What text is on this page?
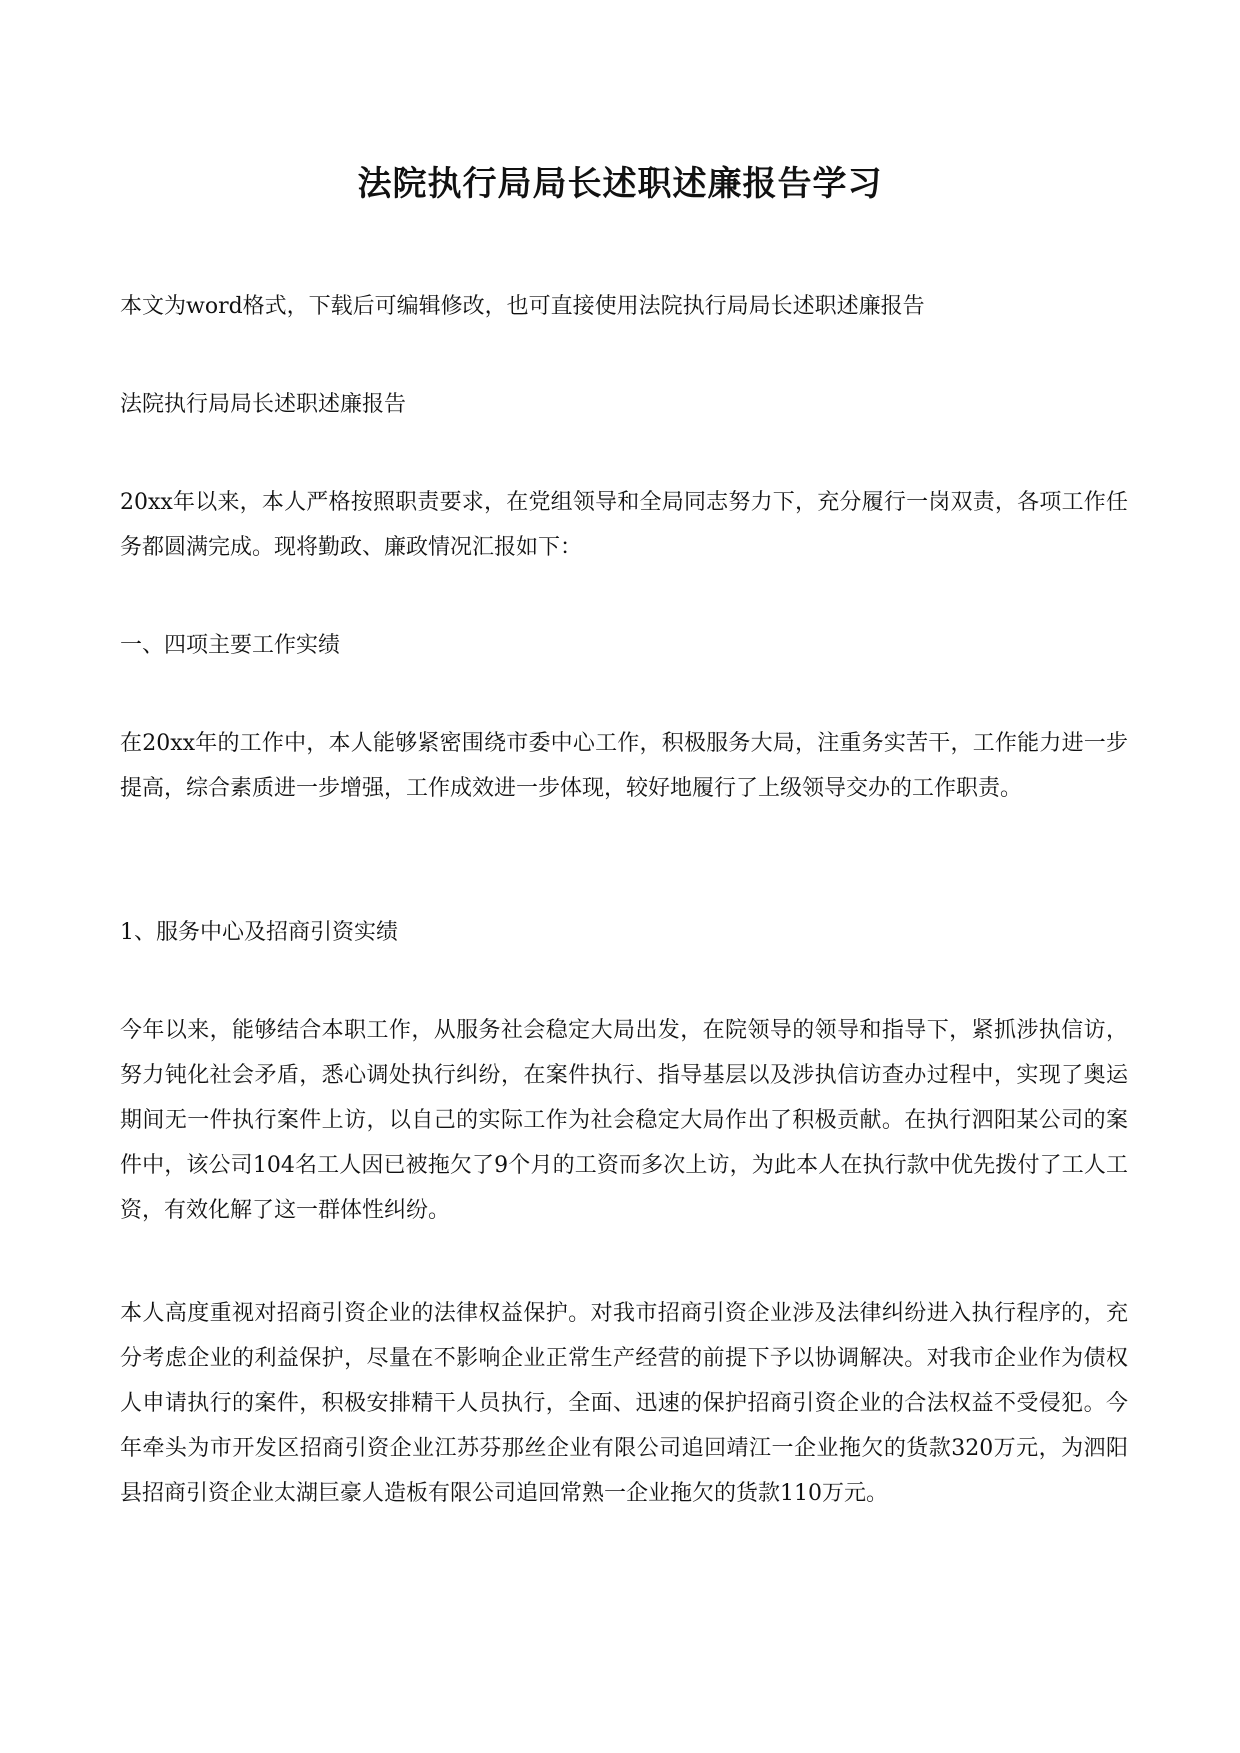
法院执行局局长述职述廉报告学习

本文为word格式，下载后可编辑修改，也可直接使用法院执行局局长述职述廉报告

法院执行局局长述职述廉报告

20xx年以来，本人严格按照职责要求，在党组领导和全局同志努力下，充分履行一岗双责，各项工作任务都圆满完成。现将勤政、廉政情况汇报如下：

一、四项主要工作实绩

在20xx年的工作中，本人能够紧密围绕市委中心工作，积极服务大局，注重务实苦干，工作能力进一步提高，综合素质进一步增强，工作成效进一步体现，较好地履行了上级领导交办的工作职责。

1、服务中心及招商引资实绩

今年以来，能够结合本职工作，从服务社会稳定大局出发，在院领导的领导和指导下，紧抓涉执信访，努力钝化社会矛盾，悉心调处执行纠纷，在案件执行、指导基层以及涉执信访查办过程中，实现了奥运期间无一件执行案件上访，以自己的实际工作为社会稳定大局作出了积极贡献。在执行泗阳某公司的案件中，该公司104名工人因已被拖欠了9个月的工资而多次上访，为此本人在执行款中优先拨付了工人工资，有效化解了这一群体性纠纷。

本人高度重视对招商引资企业的法律权益保护。对我市招商引资企业涉及法律纠纷进入执行程序的，充分考虑企业的利益保护，尽量在不影响企业正常生产经营的前提下予以协调解决。对我市企业作为债权人申请执行的案件，积极安排精干人员执行，全面、迅速的保护招商引资企业的合法权益不受侵犯。今年牵头为市开发区招商引资企业江苏芬那丝企业有限公司追回靖江一企业拖欠的货款320万元，为泗阳县招商引资企业太湖巨豪人造板有限公司追回常熟一企业拖欠的货款110万元。
